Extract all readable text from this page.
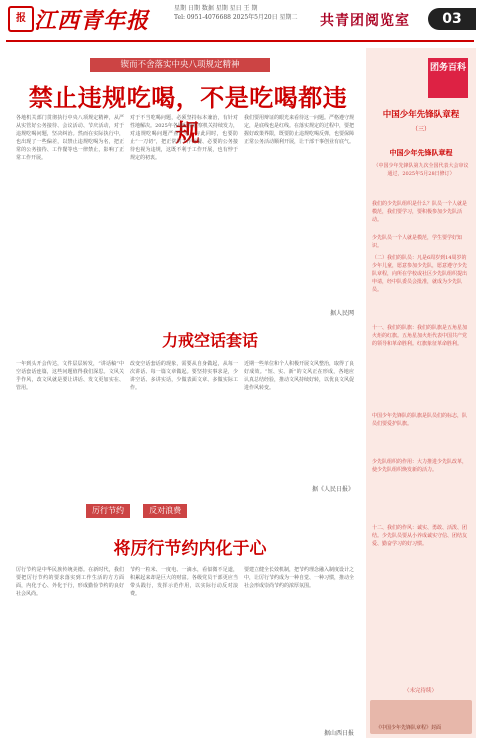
报 江西青年报	星期 日期 数据 星期 星日 王 期
Tel: 0951-4076688 2025年5月20日 星期二	共青团阅览室	03
锲而不舍落实中央八项规定精神
禁止违规吃喝，不是吃喝都违规
各地机关部门贯彻执行中央八项规定精神，从严从实管好公务接待、会议活动、节庆活动，对于违规吃喝问题，坚决纠治。然而在实际执行中，也出现了一些偏差，以禁止违规吃喝为名，把正常的公务接待、工作餐等也一律禁止，影响了正常工作开展。
对于不当吃喝问题，必须坚持标本兼治，有针对性地解决。2025年各地纪检监察机关持续发力，对违规吃喝问题严查严办。与此同时，也要防止“一刀切”，把正常的工作用餐、必要的公务接待也视为违规，这既不利于工作开展，也有悖于规定的初衷。
我们要用辩证的眼光来看待这一问题。严格遵守规定，是底线也是红线。在落实规定的过程中，要把握好政策界限，既要防止违规吃喝反弹，也要保障正常公务活动顺利开展，让干部干事创业有底气。
据人民网
力戒空话套话
一年到头开会传达，文件层层转发，“讲话稿”中空话套话连篇，这些问题值得我们深思。文风关乎作风，改文风就是要让讲话、发文更加实在、管用。
改变空话套话的现象，需要从自身做起，从每一次讲话、每一篇文章做起。要坚持实事求是，少讲空话、多讲实话，少做表面文章、多做实际工作。
近期一些单位和个人积极开展文风整治，取得了良好成效。“短、实、新”的文风正在形成，各地应认真总结经验，推动文风持续好转，以优良文风促进作风转变。
据《人民日报》
厉行节约	反对浪费
将厉行节约内化于心
厉行节约是中华民族传统美德。在新时代，我们要把厉行节约的要求落实到工作生活的方方面面，内化于心、外化于行，形成勤俭节约的良好社会风尚。
节约一粒米、一度电、一滴水，看似微不足道，积累起来却是巨大的财富。各级党员干部更应当带头践行，发挥示范作用，以实际行动反对浪费。
要建立健全长效机制，把节约理念融入制度设计之中，让厉行节约成为一种自觉、一种习惯，推动全社会形成崇尚节约的浓厚氛围。
据山西日报
团务百科
中国少年先锋队章程
（三）
中国少年先锋队章程
（中国少年先锋队第九次全国代表大会审议通过，2025年5月28日修订）
我们的少先队组织是什么？队员一个人就是模范，我们要学习，要积极参加少先队活动。
少先队员一个人就是模范，学生要学好知识。
（二）我们的队员：凡是6周岁到14周岁的少年儿童，愿意参加少先队，愿意遵守少先队章程，向所在学校或社区少先队组织提出申请，经中队委员会批准，就成为少先队员。
十一、我们的队旗：我们的队旗是五角星加火炬的红旗。五角星加火炬代表中国共产党的领导和革命胜利。红旗象征革命胜利。
中国少年先锋队的队旗是队员们的标志，队员们要爱护队旗。
少先队组织的作用：大力推进少先队改革，使少先队组织焕发新的活力。
十二、我们的作风：诚实、勇敢、活泼、团结。少先队员要从小养成诚实守信、团结友爱、勤奋学习的好习惯。
（未完待续）
《中国少年先锋队章程》封面
